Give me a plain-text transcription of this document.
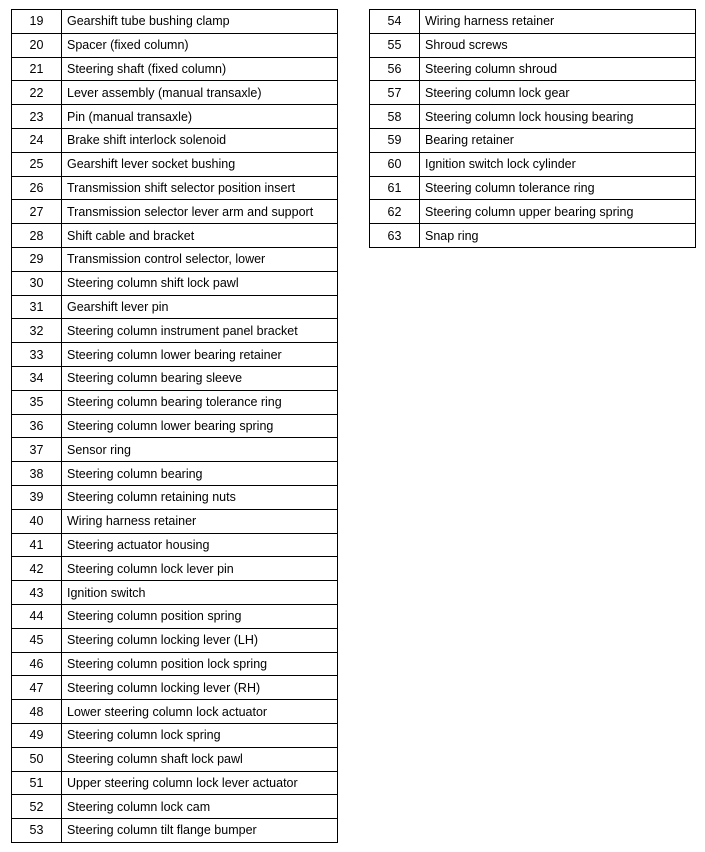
19	Gearshift tube bushing clamp
20	Spacer (fixed column)
21	Steering shaft (fixed column)
22	Lever assembly (manual transaxle)
23	Pin (manual transaxle)
24	Brake shift interlock solenoid
25	Gearshift lever socket bushing
26	Transmission shift selector position insert
27	Transmission selector lever arm and support
28	Shift cable and bracket
29	Transmission control selector, lower
30	Steering column shift lock pawl
31	Gearshift lever pin
32	Steering column instrument panel bracket
33	Steering column lower bearing retainer
34	Steering column bearing sleeve
35	Steering column bearing tolerance ring
36	Steering column lower bearing spring
37	Sensor ring
38	Steering column bearing
39	Steering column retaining nuts
40	Wiring harness retainer
41	Steering actuator housing
42	Steering column lock lever pin
43	Ignition switch
44	Steering column position spring
45	Steering column locking lever (LH)
46	Steering column position lock spring
47	Steering column locking lever (RH)
48	Lower steering column lock actuator
49	Steering column lock spring
50	Steering column shaft lock pawl
51	Upper steering column lock lever actuator
52	Steering column lock cam
53	Steering column tilt flange bumper
54	Wiring harness retainer
55	Shroud screws
56	Steering column shroud
57	Steering column lock gear
58	Steering column lock housing bearing
59	Bearing retainer
60	Ignition switch lock cylinder
61	Steering column tolerance ring
62	Steering column upper bearing spring
63	Snap ring
